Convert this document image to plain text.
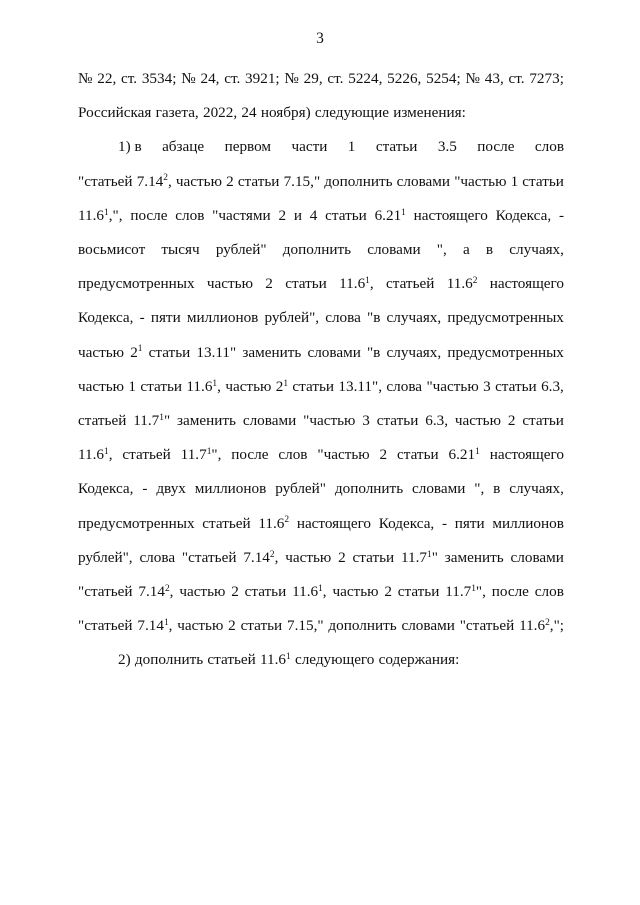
3
№ 22, ст. 3534; № 24, ст. 3921; № 29, ст. 5224, 5226, 5254; № 43, ст. 7273;
Российская газета, 2022, 24 ноября) следующие изменения:
1) в абзаце первом части 1 статьи 3.5 после слов
"статьей 7.14$^2$, частью 2 статьи 7.15," дополнить словами "частью 1 статьи
11.6$^1$,", после слов "частями 2 и 4 статьи 6.21$^1$ настоящего Кодекса, -
восьмисот тысяч рублей" дополнить словами ", а в случаях,
предусмотренных частью 2 статьи 11.6$^1$, статьей 11.6$^2$ настоящего
Кодекса, - пяти миллионов рублей", слова "в случаях, предусмотренных
частью $2^1$ статьи 13.11" заменить словами "в случаях, предусмотренных
частью 1 статьи 11.6$^1$, частью $2^1$ статьи 13.11", слова "частью 3 статьи 6.3,
статьей 11.7$^1$" заменить словами "частью 3 статьи 6.3, частью 2 статьи
11.6$^1$, статьей 11.7$^1$", после слов "частью 2 статьи 6.21$^1$ настоящего
Кодекса, - двух миллионов рублей" дополнить словами ", в случаях,
предусмотренных статьей 11.6$^2$ настоящего Кодекса, - пяти миллионов
рублей", слова "статьей 7.14$^2$, частью 2 статьи 11.7$^1$" заменить словами
"статьей 7.14$^2$, частью 2 статьи 11.6$^1$, частью 2 статьи 11.7$^1$", после слов
"статьей 7.14$^1$, частью 2 статьи 7.15," дополнить словами "статьей 11.6$^2$,";
2) дополнить статьей 11.6$^1$ следующего содержания:
